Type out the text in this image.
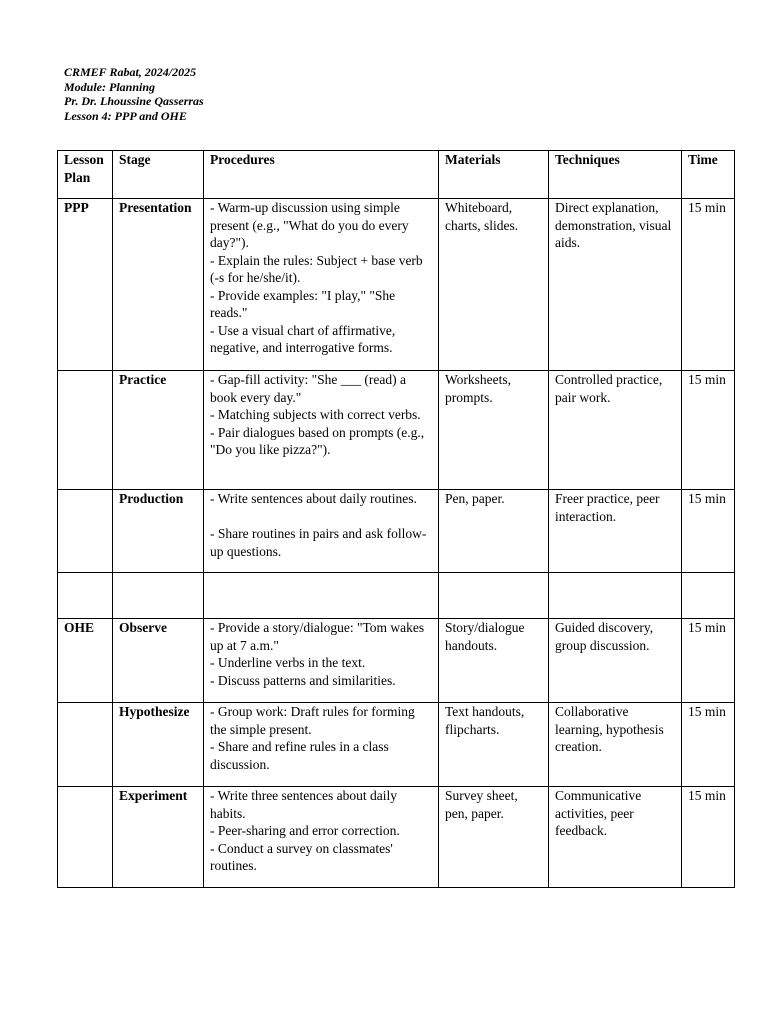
CRMEF Rabat, 2024/2025
Module: Planning
Pr. Dr. Lhoussine Qasserras
Lesson 4: PPP and OHE
Lesson Plan	Stage	Procedures	Materials	Techniques	Time
PPP	Presentation	- Warm-up discussion using simple present (e.g., "What do you do every day?").
- Explain the rules: Subject + base verb (-s for he/she/it).
- Provide examples: "I play," "She reads."
- Use a visual chart of affirmative, negative, and interrogative forms.	Whiteboard, charts, slides.	Direct explanation, demonstration, visual aids.	15 min
	Practice	- Gap-fill activity: "She ___ (read) a book every day."
- Matching subjects with correct verbs.
- Pair dialogues based on prompts (e.g., "Do you like pizza?").	Worksheets, prompts.	Controlled practice, pair work.	15 min
	Production	- Write sentences about daily routines.
- Share routines in pairs and ask follow-up questions.	Pen, paper.	Freer practice, peer interaction.	15 min

OHE	Observe	- Provide a story/dialogue: "Tom wakes up at 7 a.m."
- Underline verbs in the text.
- Discuss patterns and similarities.	Story/dialogue handouts.	Guided discovery, group discussion.	15 min
	Hypothesize	- Group work: Draft rules for forming the simple present.
- Share and refine rules in a class discussion.	Text handouts, flipcharts.	Collaborative learning, hypothesis creation.	15 min
	Experiment	- Write three sentences about daily habits.
- Peer-sharing and error correction.
- Conduct a survey on classmates' routines.	Survey sheet, pen, paper.	Communicative activities, peer feedback.	15 min
